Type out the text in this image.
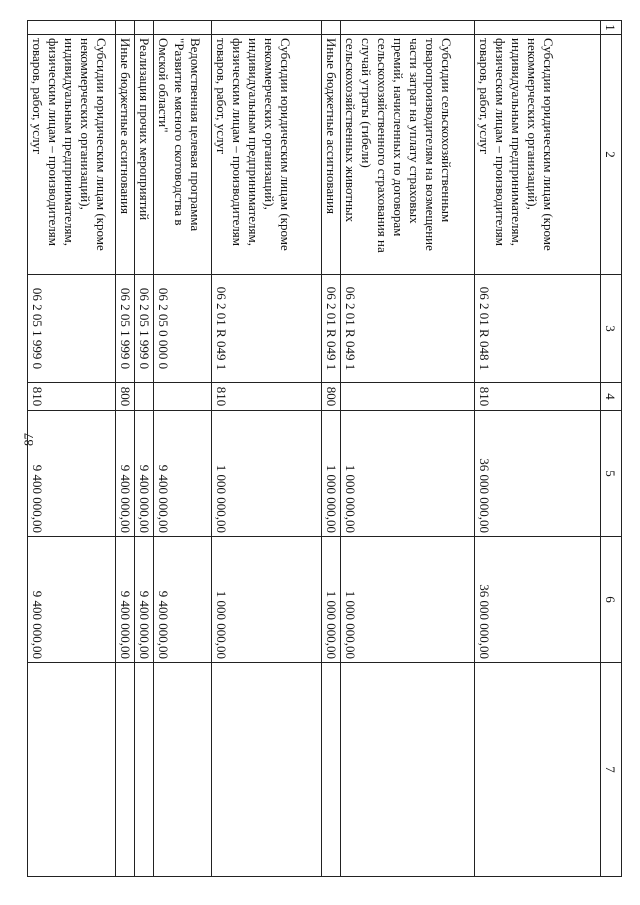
87
1	2	3	4	5	6	7
	Субсидии юридическим лицам (кроме некоммерческих организаций), индивидуальным предпринимателям, физическим лицам – производителям товаров, работ, услуг	06 2 01 R 048 1	810	36 000 000,00	36 000 000,00	
	Субсидии сельскохозяйственным товаропроизводителям на возмещение части затрат на уплату страховых премий, начисленных по договорам сельскохозяйственного страхования на случай утраты (гибели) сельскохозяйственных животных	06 2 01 R 049 1		1 000 000,00	1 000 000,00	
	Иные бюджетные ассигнования	06 2 01 R 049 1	800	1 000 000,00	1 000 000,00	
	Субсидии юридическим лицам (кроме некоммерческих организаций), индивидуальным предпринимателям, физическим лицам – производителям товаров, работ, услуг	06 2 01 R 049 1	810	1 000 000,00	1 000 000,00	
	Ведомственная целевая программа "Развитие мясного скотоводства в Омской области"	06 2 05 0 000 0		9 400 000,00	9 400 000,00	
	Реализация прочих мероприятий	06 2 05 1 999 0		9 400 000,00	9 400 000,00	
	Иные бюджетные ассигнования	06 2 05 1 999 0	800	9 400 000,00	9 400 000,00	
	Субсидии юридическим лицам (кроме некоммерческих организаций), индивидуальным предпринимателям, физическим лицам – производителям товаров, работ, услуг	06 2 05 1 999 0	810	9 400 000,00	9 400 000,00	
